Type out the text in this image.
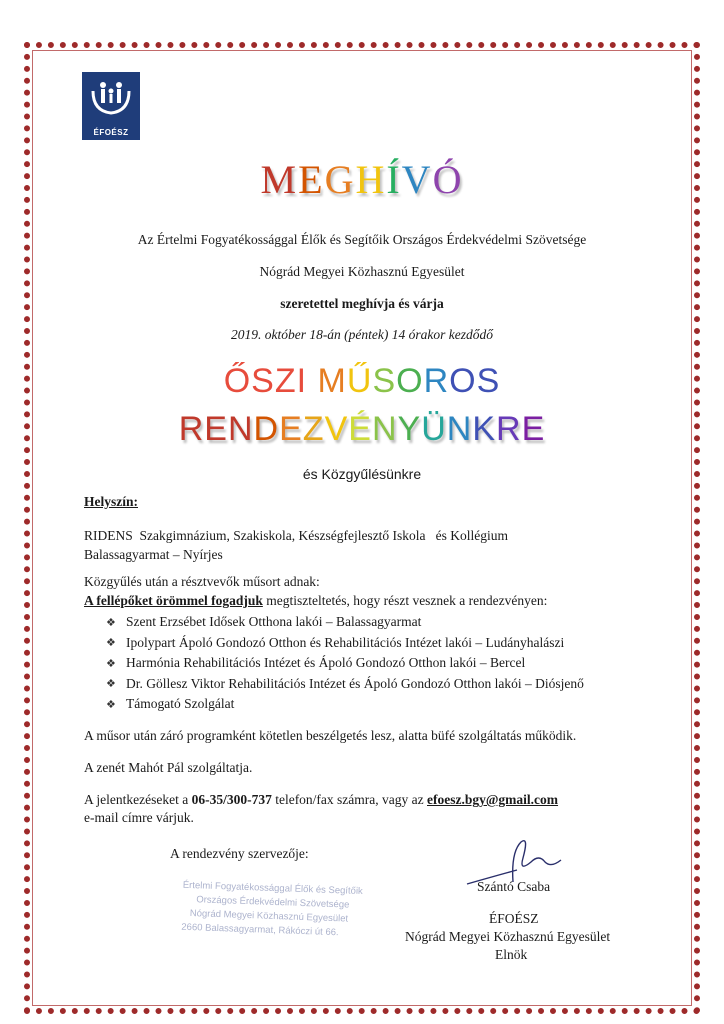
ÉFOÉSZ
MEGHÍVÓ
Az Értelmi Fogyatékossággal Élők és Segítőik Országos Érdekvédelmi Szövetsége
Nógrád Megyei Közhasznú Egyesület
szeretettel meghívja és várja
2019. október 18-án (péntek) 14 órakor kezdődő
ŐSZI MŰSOROS
RENDEZVÉNYÜNKRE
és Közgyűlésünkre
Helyszín:
RIDENS  Szakgimnázium, Szakiskola, Készségfejlesztő Iskola   és Kollégium
Balassagyarmat – Nyírjes
Közgyűlés után a résztvevők műsort adnak:
A fellépőket örömmel fogadjuk megtiszteltetés, hogy részt vesznek a rendezvényen:
❖ Szent Erzsébet Idősek Otthona lakói – Balassagyarmat
❖ Ipolypart Ápoló Gondozó Otthon és Rehabilitációs Intézet lakói – Ludányhalászi
❖ Harmónia Rehabilitációs Intézet és Ápoló Gondozó Otthon lakói – Bercel
❖ Dr. Göllesz Viktor Rehabilitációs Intézet és Ápoló Gondozó Otthon lakói – Diósjenő
❖ Támogató Szolgálat
A műsor után záró programként kötetlen beszélgetés lesz, alatta büfé szolgáltatás működik.
A zenét Mahót Pál szolgáltatja.
A jelentkezéseket a 06-35/300-737 telefon/fax számra, vagy az efoesz.bgy@gmail.com
e-mail címre várjuk.
A rendezvény szervezője:
Értelmi Fogyatékossággal Élők és Segítőik
Országos Érdekvédelmi Szövetsége
Nógrád Megyei Közhasznú Egyesület
2660 Balassagyarmat, Rákóczi út 66.
Szántó Csaba
ÉFOÉSZ
Nógrád Megyei Közhasznú Egyesület
Elnök
